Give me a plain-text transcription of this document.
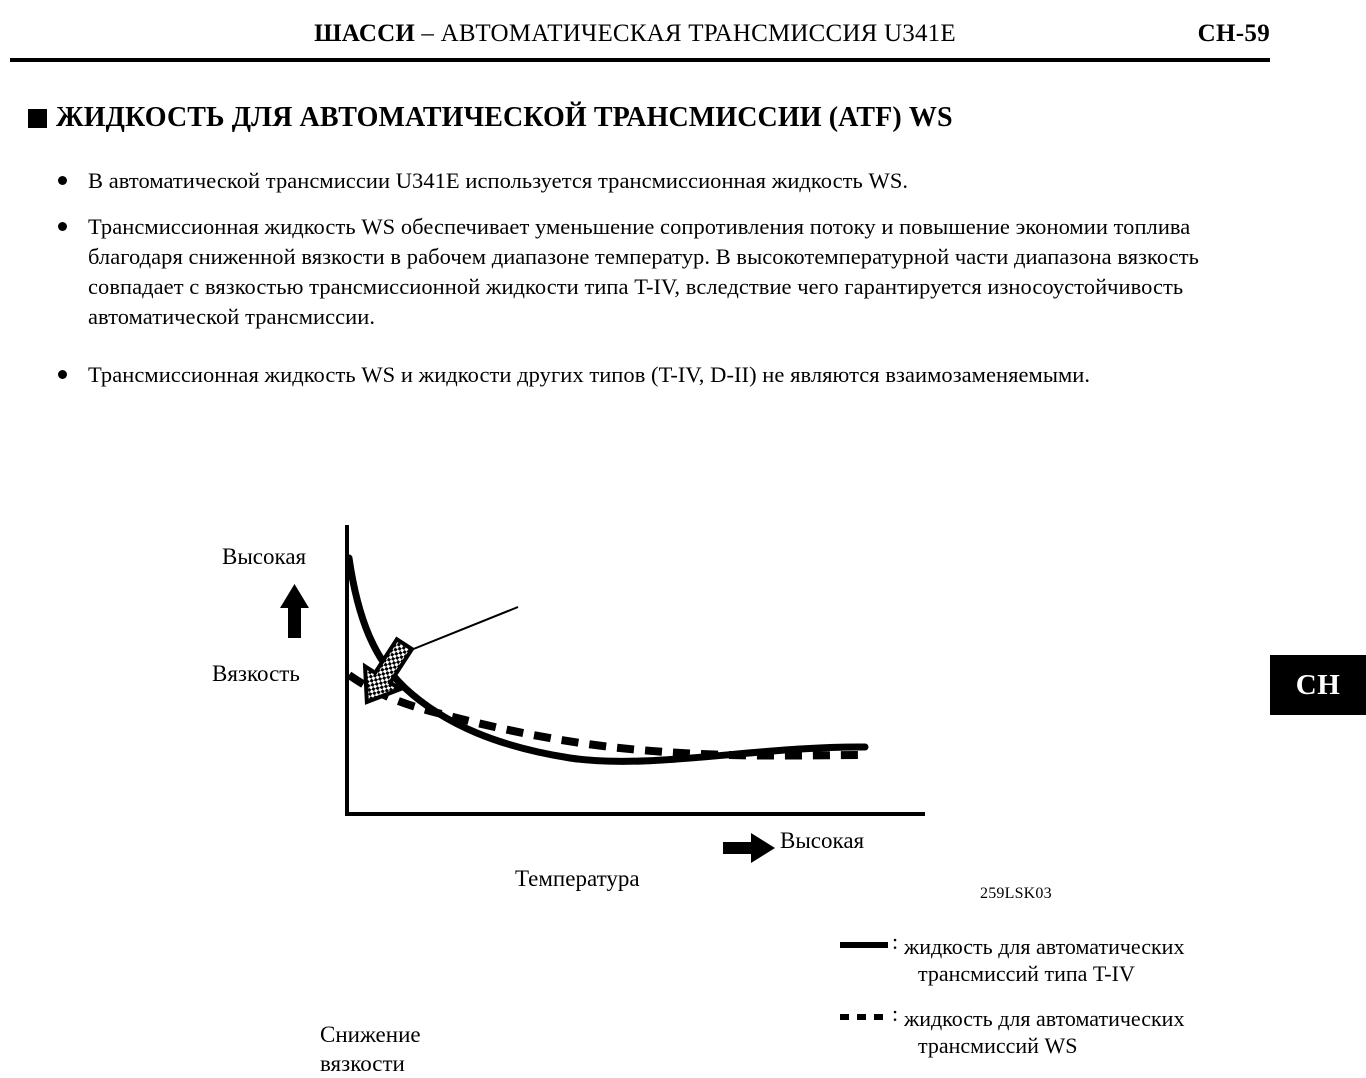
ШАССИ – АВТОМАТИЧЕСКАЯ ТРАНСМИССИЯ U341E	CH-59
ЖИДКОСТЬ ДЛЯ АВТОМАТИЧЕСКОЙ ТРАНСМИССИИ (ATF) WS
В автоматической трансмиссии U341E используется трансмиссионная жидкость WS.
Трансмиссионная жидкость WS обеспечивает уменьшение сопротивления потоку и повышение экономии топлива благодаря сниженной вязкости в рабочем диапазоне температур. В высокотемпературной части диапазона вязкость совпадает с вязкостью трансмиссионной жидкости типа T-IV, вследствие чего гарантируется износоустойчивость автоматической трансмиссии.
Трансмиссионная жидкость WS и жидкости других типов (T-IV, D-II) не являются взаимозаменяемыми.
Высокая
Вязкость
Температура
Высокая
Снижение
вязкости
: жидкость для автоматических
трансмиссий типа T-IV
: жидкость для автоматических
трансмиссий WS
259LSK03
CH
